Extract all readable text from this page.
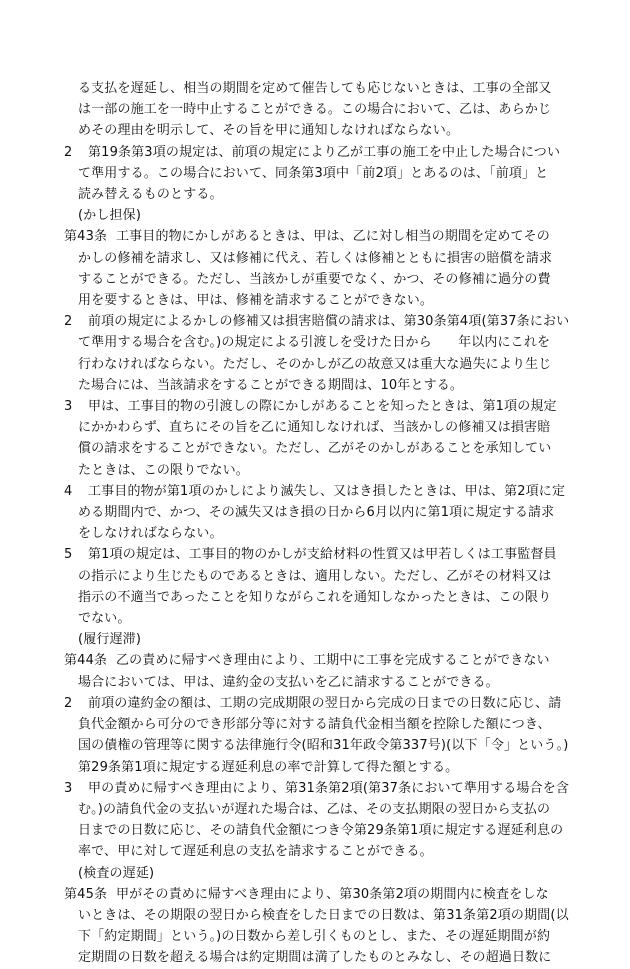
る支払を遅延し、相当の期間を定めて催告しても応じないときは、工事の全部又
は一部の施工を一時中止することができる。この場合において、乙は、あらかじ
めその理由を明示して、その旨を甲に通知しなければならない。
2 第19条第3項の規定は、前項の規定により乙が工事の施工を中止した場合につい
て準用する。この場合において、同条第3項中「前2項」とあるのは、「前項」と
読み替えるものとする。
(かし担保)
第43条 工事目的物にかしがあるときは、甲は、乙に対し相当の期間を定めてその
かしの修補を請求し、又は修補に代え、若しくは修補とともに損害の賠償を請求
することができる。ただし、当該かしが重要でなく、かつ、その修補に過分の費
用を要するときは、甲は、修補を請求することができない。
2 前項の規定によるかしの修補又は損害賠償の請求は、第30条第4項(第37条におい
て準用する場合を含む。)の規定による引渡しを受けた日から　　年以内にこれを
行わなければならない。ただし、そのかしが乙の故意又は重大な過失により生じ
た場合には、当該請求をすることができる期間は、10年とする。
3 甲は、工事目的物の引渡しの際にかしがあることを知ったときは、第1項の規定
にかかわらず、直ちにその旨を乙に通知しなければ、当該かしの修補又は損害賠
償の請求をすることができない。ただし、乙がそのかしがあることを承知してい
たときは、この限りでない。
4 工事目的物が第1項のかしにより滅失し、又はき損したときは、甲は、第2項に定
める期間内で、かつ、その滅失又はき損の日から6月以内に第1項に規定する請求
をしなければならない。
5 第1項の規定は、工事目的物のかしが支給材料の性質又は甲若しくは工事監督員
の指示により生じたものであるときは、適用しない。ただし、乙がその材料又は
指示の不適当であったことを知りながらこれを通知しなかったときは、この限り
でない。
(履行遅滞)
第44条 乙の責めに帰すべき理由により、工期中に工事を完成することができない
場合においては、甲は、違約金の支払いを乙に請求することができる。
2 前項の違約金の額は、工期の完成期限の翌日から完成の日までの日数に応じ、請
負代金額から可分のでき形部分等に対する請負代金相当額を控除した額につき、
国の債権の管理等に関する法律施行令(昭和31年政令第337号)(以下「令」という。)
第29条第1項に規定する遅延利息の率で計算して得た額とする。
3 甲の責めに帰すべき理由により、第31条第2項(第37条において準用する場合を含
む。)の請負代金の支払いが遅れた場合は、乙は、その支払期限の翌日から支払の
日までの日数に応じ、その請負代金額につき令第29条第1項に規定する遅延利息の
率で、甲に対して遅延利息の支払を請求することができる。
(検査の遅延)
第45条 甲がその責めに帰すべき理由により、第30条第2項の期間内に検査をしな
いときは、その期限の翌日から検査をした日までの日数は、第31条第2項の期間(以
下「約定期間」という。)の日数から差し引くものとし、また、その遅延期間が約
定期間の日数を超える場合は約定期間は満了したものとみなし、その超過日数に
